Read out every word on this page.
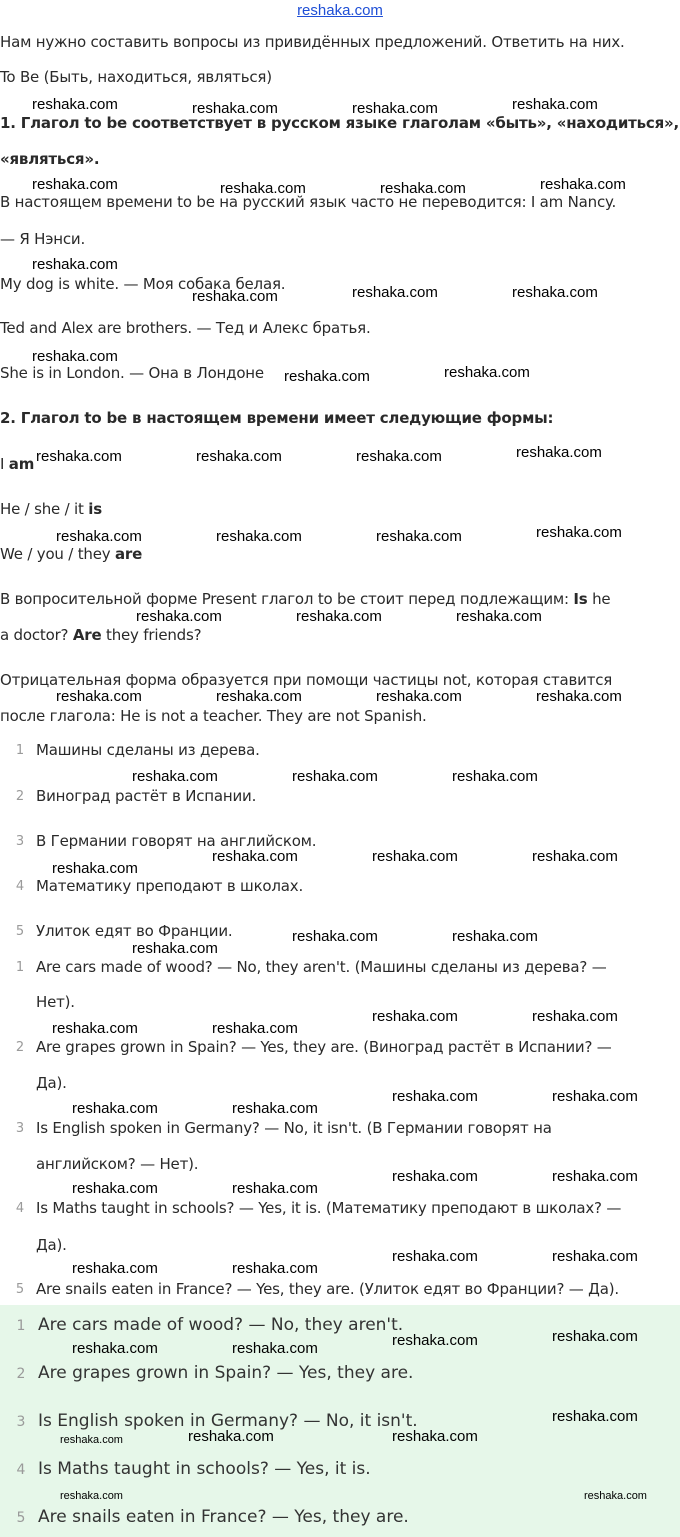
reshaka.com
Нам нужно составить вопросы из привидённых предложений. Ответить на них.
To Be (Быть, находиться, являться)
1. Глагол to be соответствует в русском языке глаголам «быть», «находиться»,
«являться».
В настоящем времени to be на русский язык часто не переводится: I am Nancy.
— Я Нэнси.
My dog is white. — Моя собака белая.
Ted and Alex are brothers. — Тед и Алекс братья.
She is in London. — Она в Лондоне
2. Глагол to be в настоящем времени имеет следующие формы:
I am
He / she / it is
We / you / they are
В вопросительной форме Present глагол to be стоит перед подлежащим: Is he
a doctor? Are they friends?
Отрицательная форма образуется при помощи частицы not, которая ставится
после глагола: He is not a teacher. They are not Spanish.
1 Машины сделаны из дерева.
2 Виноград растёт в Испании.
3 В Германии говорят на английском.
4 Математику преподают в школах.
5 Улиток едят во Франции.
1 Are cars made of wood? — No, they aren't. (Машины сделаны из дерева? —
Нет).
2 Are grapes grown in Spain? — Yes, they are. (Виноград растёт в Испании? —
Да).
3 Is English spoken in Germany? — No, it isn't. (В Германии говорят на
английском? — Нет).
4 Is Maths taught in schools? — Yes, it is. (Математику преподают в школах? —
Да).
5 Are snails eaten in France? — Yes, they are. (Улиток едят во Франции? — Да).
1 Are cars made of wood? — No, they aren't.
2 Are grapes grown in Spain? — Yes, they are.
3 Is English spoken in Germany? — No, it isn't.
4 Is Maths taught in schools? — Yes, it is.
5 Are snails eaten in France? — Yes, they are.
reshaka.com	reshaka.com	reshaka.com	reshaka.com
reshaka.com	reshaka.com	reshaka.com	reshaka.com
reshaka.com
reshaka.com	reshaka.com	reshaka.com
reshaka.com
reshaka.com	reshaka.com
reshaka.com	reshaka.com	reshaka.com	reshaka.com
reshaka.com	reshaka.com	reshaka.com	reshaka.com
reshaka.com	reshaka.com	reshaka.com
reshaka.com	reshaka.com	reshaka.com	reshaka.com
reshaka.com	reshaka.com	reshaka.com
reshaka.com	reshaka.com	reshaka.com
reshaka.com
reshaka.com	reshaka.com
reshaka.com
reshaka.com	reshaka.com
reshaka.com	reshaka.com
reshaka.com	reshaka.com
reshaka.com	reshaka.com
reshaka.com	reshaka.com
reshaka.com	reshaka.com
reshaka.com	reshaka.com
reshaka.com	reshaka.com
reshaka.com
reshaka.com
reshaka.com	reshaka.com
reshaka.com
reshaka.com	reshaka.com
reshaka.com
reshaka.com	reshaka.com
